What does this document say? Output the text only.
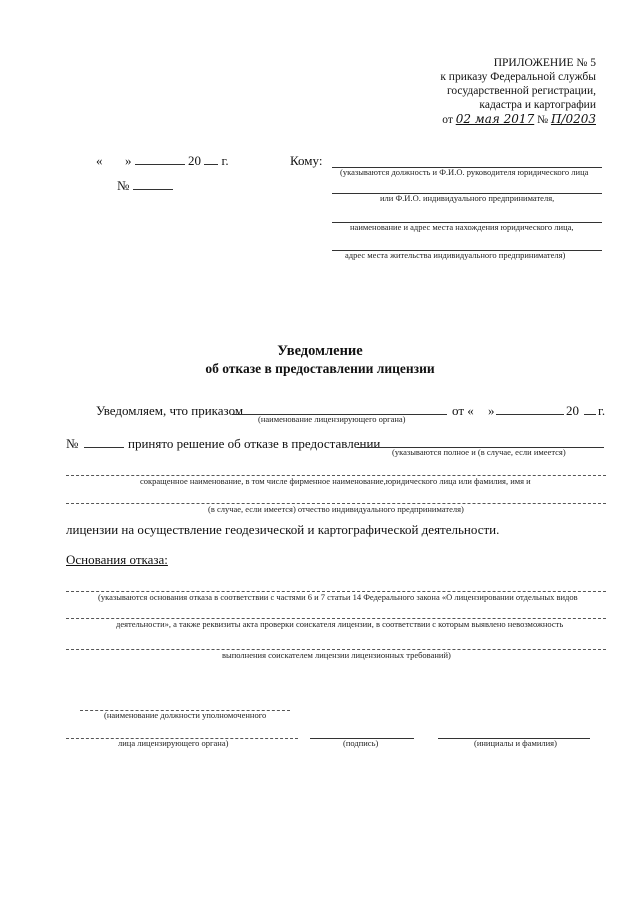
ПРИЛОЖЕНИЕ № 5
к приказу Федеральной службы
государственной регистрации,
кадастра и картографии
от 02 мая 2017 № П/0203
« »	20 г.
№
Кому:
(указываются должность и Ф.И.О. руководителя юридического лица
или Ф.И.О. индивидуального предпринимателя,
наименование и адрес места нахождения юридического лица,
адрес места жительства индивидуального предпринимателя)
Уведомление
об отказе в предоставлении лицензии
Уведомляем, что приказом
(наименование лицензирующего органа)
от « »	20 г.
№	принято решение об отказе в предоставлении
(указываются полное и (в случае, если имеется)
сокращенное наименование, в том числе фирменное наименование,юридического лица или фамилия, имя и
(в случае, если имеется) отчество индивидуального предпринимателя)
лицензии на осуществление геодезической и картографической деятельности.
Основания отказа:
(указываются основания отказа в соответствии с частями 6 и 7 статьи 14 Федерального закона «О лицензировании отдельных видов
деятельности», а также реквизиты акта проверки соискателя лицензии, в соответствии с которым выявлено невозможность
выполнения соискателем лицензии лицензионных требований)
(наименование должности уполномоченного
лица лицензирующего органа)	(подпись)	(инициалы и фамилия)
